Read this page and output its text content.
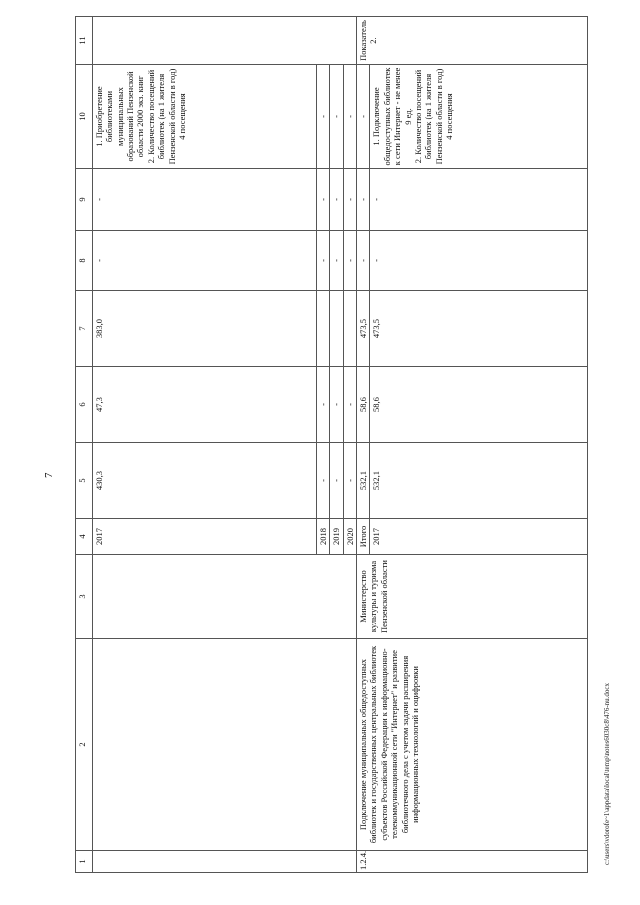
7
1	2	3	4	5	6	7	8	9	10	11
			2017	430,3	47,3	383,0	-	-	1. Приобретение библиотеками муниципальных образований Пензенской области 2000 экз. книг
2. Количество посещений библиотек (на 1 жителя Пензенской области в год) 4 посещения	
			2018	-	-		-	-	-	
			2019	-	-		-	-	-	
			2020	-	-		-	-	-	
1.2.4.	Подключение муниципальных общедоступных библиотек и государственных центральных библиотек субъектов Российской Федерации к информационно-телекоммуникационной сети "Интернет" и развитие библиотечного дела с учетом задачи расширения информационных технологий и оцифровки	Министерство культуры и туризма Пензенской области	Итого	532,1	58,6	473,5	-	-	-	Показатель 2.
			2017	532,1	58,6	473,5	-	-	1. Подключение общедоступных библиотек к сети Интернет - не менее 9 ед.
2. Количество посещений библиотек (на 1 жителя Пензенской области в год) 4 посещения	
c:\users\vdorofe~1\appdata\local\temp\notes6030c8\476-nu.docx
